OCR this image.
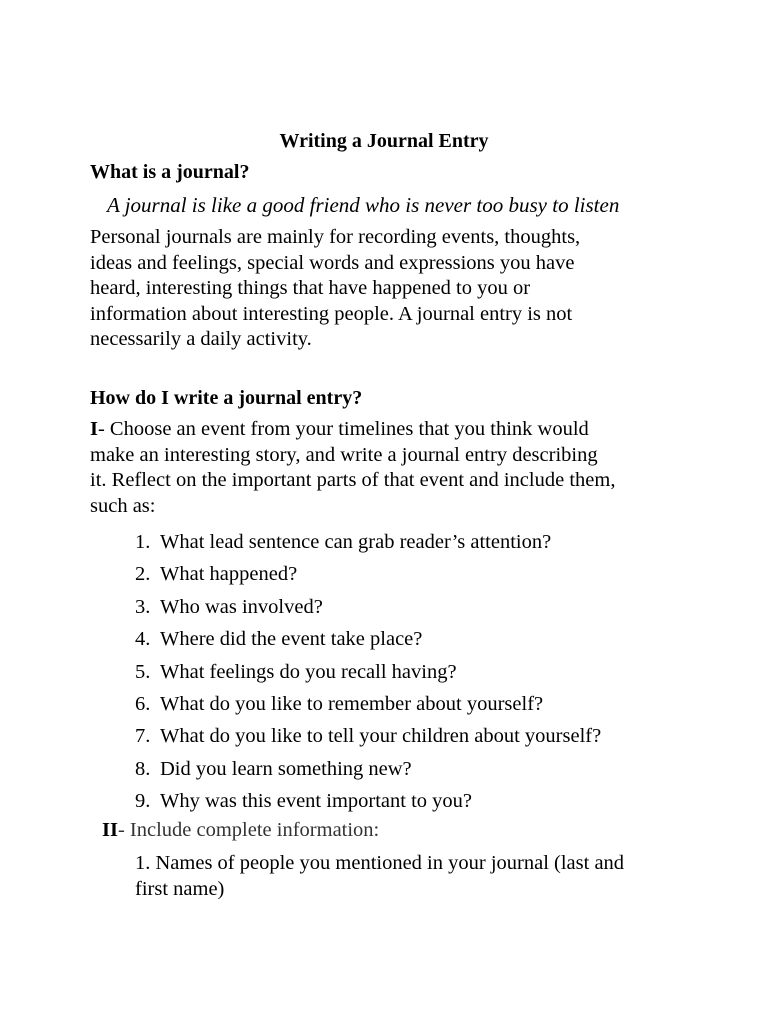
Writing a Journal Entry
What is a journal?
A journal is like a good friend who is never too busy to listen
Personal journals are mainly for recording events, thoughts,
ideas and feelings, special words and expressions you have
heard, interesting things that have happened to you or
information about interesting people. A journal entry is not
necessarily a daily activity.
How do I write a journal entry?
I- Choose an event from your timelines that you think would
make an interesting story, and write a journal entry describing
it. Reflect on the important parts of that event and include them,
such as:
1. What lead sentence can grab reader’s attention?
2. What happened?
3. Who was involved?
4. Where did the event take place?
5. What feelings do you recall having?
6. What do you like to remember about yourself?
7. What do you like to tell your children about yourself?
8. Did you learn something new?
9. Why was this event important to you?
II- Include complete information:
1. Names of people you mentioned in your journal (last and
first name)
